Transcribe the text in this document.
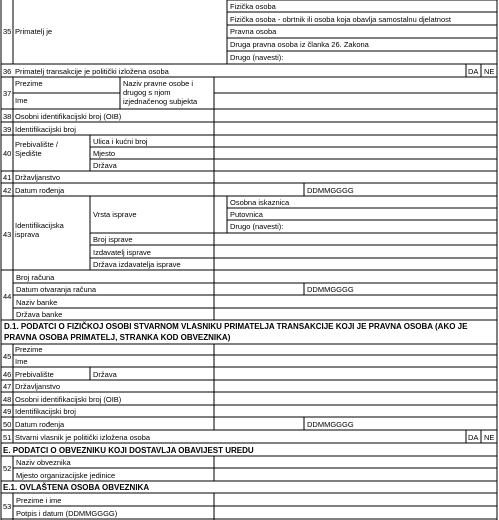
35 Primatelj je
Fizička osoba
Fizička osoba - obrtnik ili osoba koja obavlja samostalnu djelatnost
Pravna osoba
Druga pravna osoba iz članka 26. Zakona
Drugo (navesti):
36 Primatelj transakcije je politički izložena osoba	DA NE
37
Prezime
Ime
Naziv pravne osobe i drugog s njom izjednačenog subjekta
38 Osobni identifikacijski broj (OIB)
39 Identifikacijski broj
40
Prebivalište / Sjedište
Ulica i kućni broj
Mjesto
Država
41 Državljanstvo
42 Datum rođenja	DDMMGGGG
43
Identifikacijska isprava
Vrsta isprave
Osobna iskaznica
Putovnica
Drugo (navesti):
Broj isprave
Izdavatelj isprave
Država izdavatelja isprave
44
Broj računa
Datum otvaranja računa	DDMMGGGG
Naziv banke
Država banke
D.1. PODATCI O FIZIČKOJ OSOBI STVARNOM VLASNIKU PRIMATELJA TRANSAKCIJE KOJI JE PRAVNA OSOBA (AKO JE PRAVNA OSOBA PRIMATELJ, STRANKA KOD OBVEZNIKA)
45
Prezime
Ime
46 Prebivalište	Država
47 Državljanstvo
48 Osobni identifikacijski broj (OIB)
49 Identifikacijski broj
50 Datum rođenja	DDMMGGGG
51 Stvarni vlasnik je politički izložena osoba	DA NE
E. PODATCI O OBVEZNIKU KOJI DOSTAVLJA OBAVIJEST UREDU
52
Naziv obveznika
Mjesto organizacijske jedinice
E.1. OVLAŠTENA OSOBA OBVEZNIKA
53
Prezime i ime
Potpis i datum (DDMMGGGG)
